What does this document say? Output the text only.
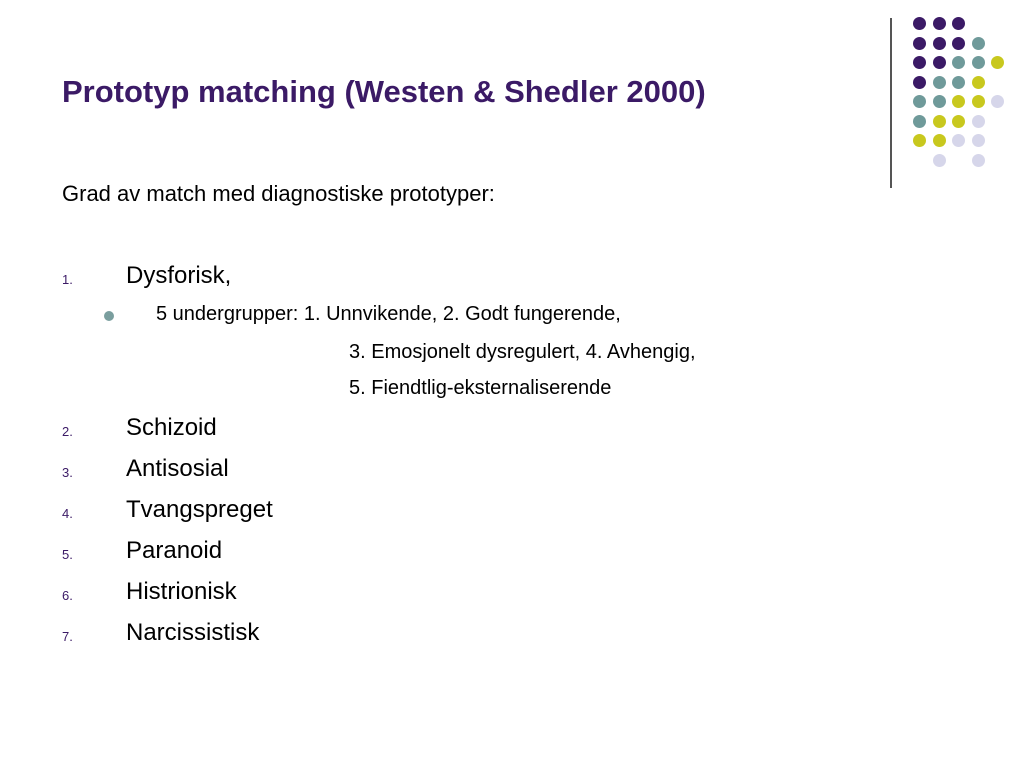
Prototyp matching (Westen & Shedler 2000)
Grad av match med diagnostiske prototyper:
1. Dysforisk,
5 undergrupper: 1. Unnvikende, 2. Godt fungerende,
3. Emosjonelt dysregulert, 4. Avhengig,
5. Fiendtlig-eksternaliserende
2. Schizoid
3. Antisosial
4. Tvangspreget
5. Paranoid
6. Histrionisk
7. Narcissistisk
